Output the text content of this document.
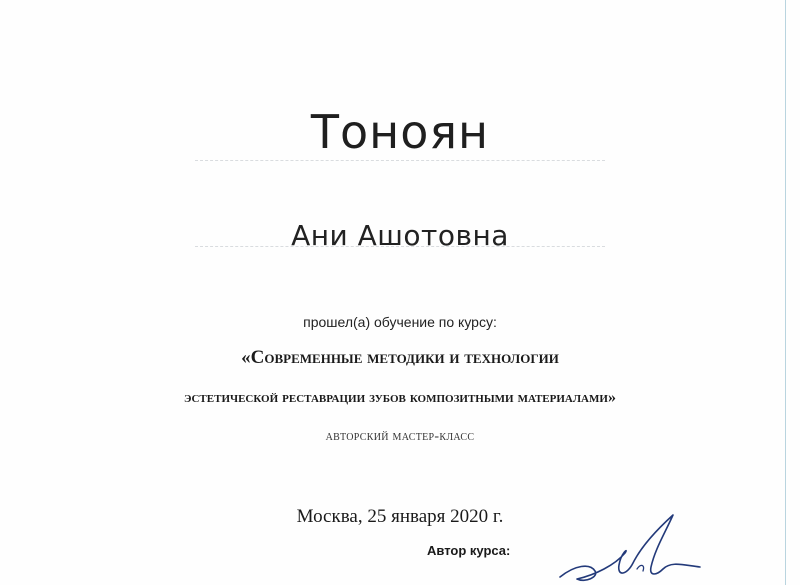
Тоноян
Ани Ашотовна
прошел(а) обучение по курсу:
«Современные методики и технологии
эстетической реставрации зубов композитными материалами»
авторский мастер-класс
Москва, 25 января 2020 г.
Автор курса:
